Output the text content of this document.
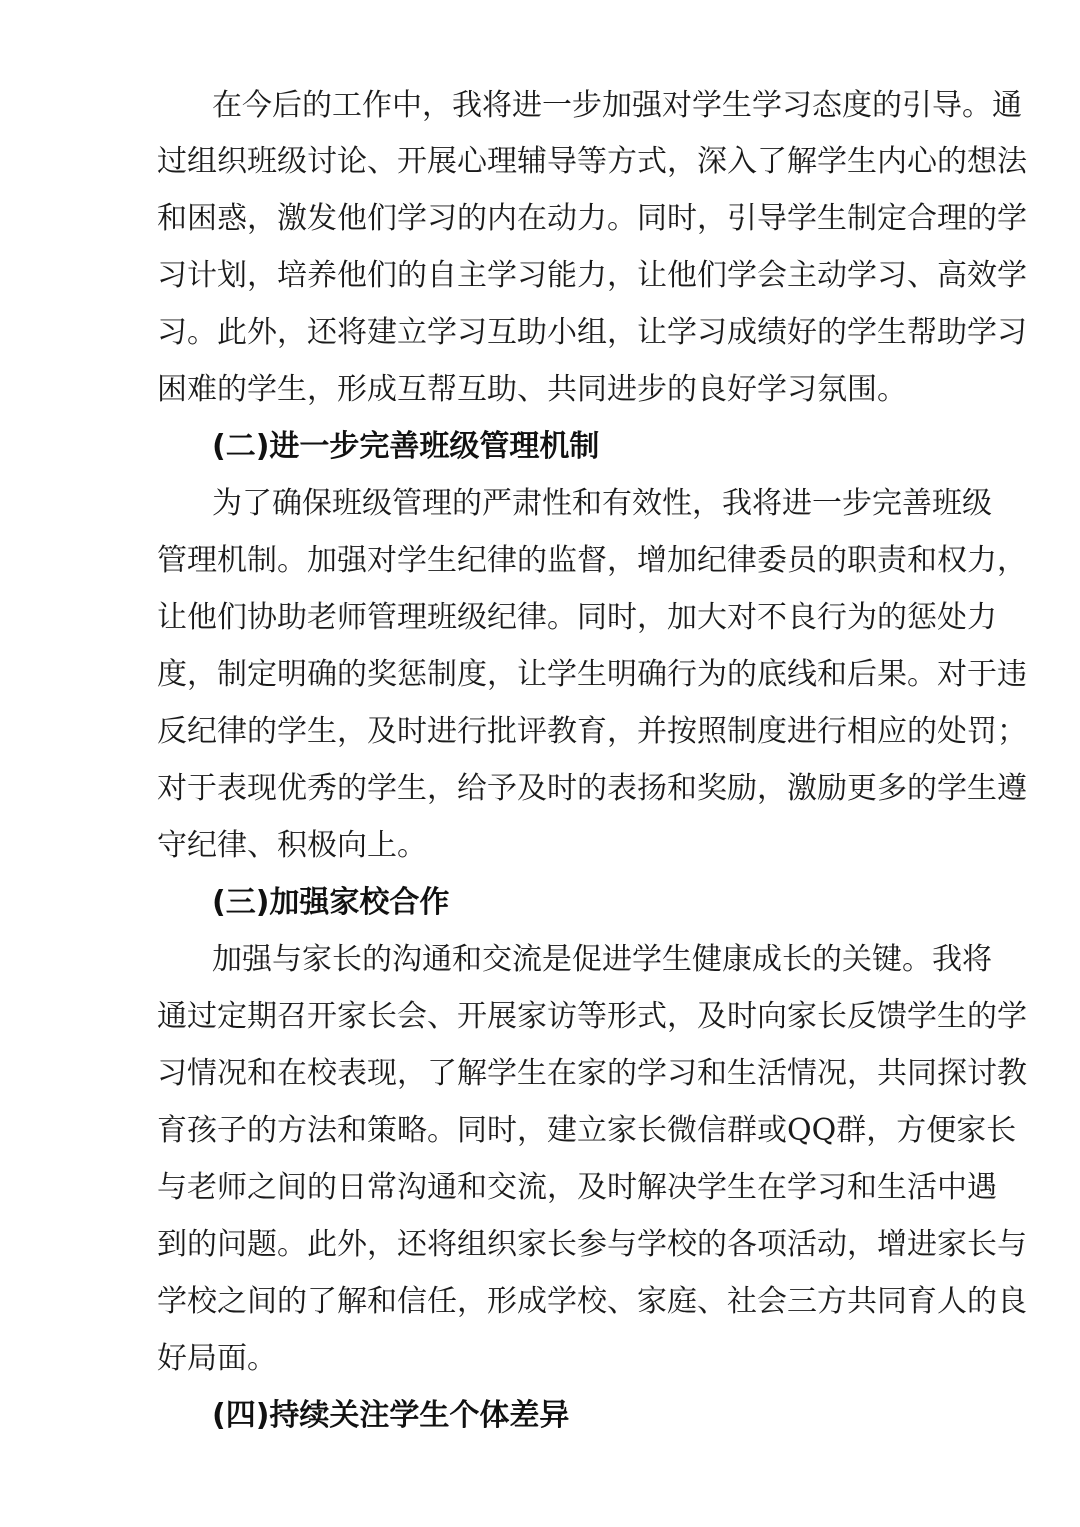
在今后的工作中，我将进一步加强对学生学习态度的引导。通
过组织班级讨论、开展心理辅导等方式，深入了解学生内心的想法
和困惑，激发他们学习的内在动力。同时，引导学生制定合理的学
习计划，培养他们的自主学习能力，让他们学会主动学习、高效学
习。此外，还将建立学习互助小组，让学习成绩好的学生帮助学习
困难的学生，形成互帮互助、共同进步的良好学习氛围。
(二)进一步完善班级管理机制
为了确保班级管理的严肃性和有效性，我将进一步完善班级
管理机制。加强对学生纪律的监督，增加纪律委员的职责和权力，
让他们协助老师管理班级纪律。同时，加大对不良行为的惩处力
度，制定明确的奖惩制度，让学生明确行为的底线和后果。对于违
反纪律的学生，及时进行批评教育，并按照制度进行相应的处罚；
对于表现优秀的学生，给予及时的表扬和奖励，激励更多的学生遵
守纪律、积极向上。
(三)加强家校合作
加强与家长的沟通和交流是促进学生健康成长的关键。我将
通过定期召开家长会、开展家访等形式，及时向家长反馈学生的学
习情况和在校表现，了解学生在家的学习和生活情况，共同探讨教
育孩子的方法和策略。同时，建立家长微信群或QQ群，方便家长
与老师之间的日常沟通和交流，及时解决学生在学习和生活中遇
到的问题。此外，还将组织家长参与学校的各项活动，增进家长与
学校之间的了解和信任，形成学校、家庭、社会三方共同育人的良
好局面。
(四)持续关注学生个体差异
